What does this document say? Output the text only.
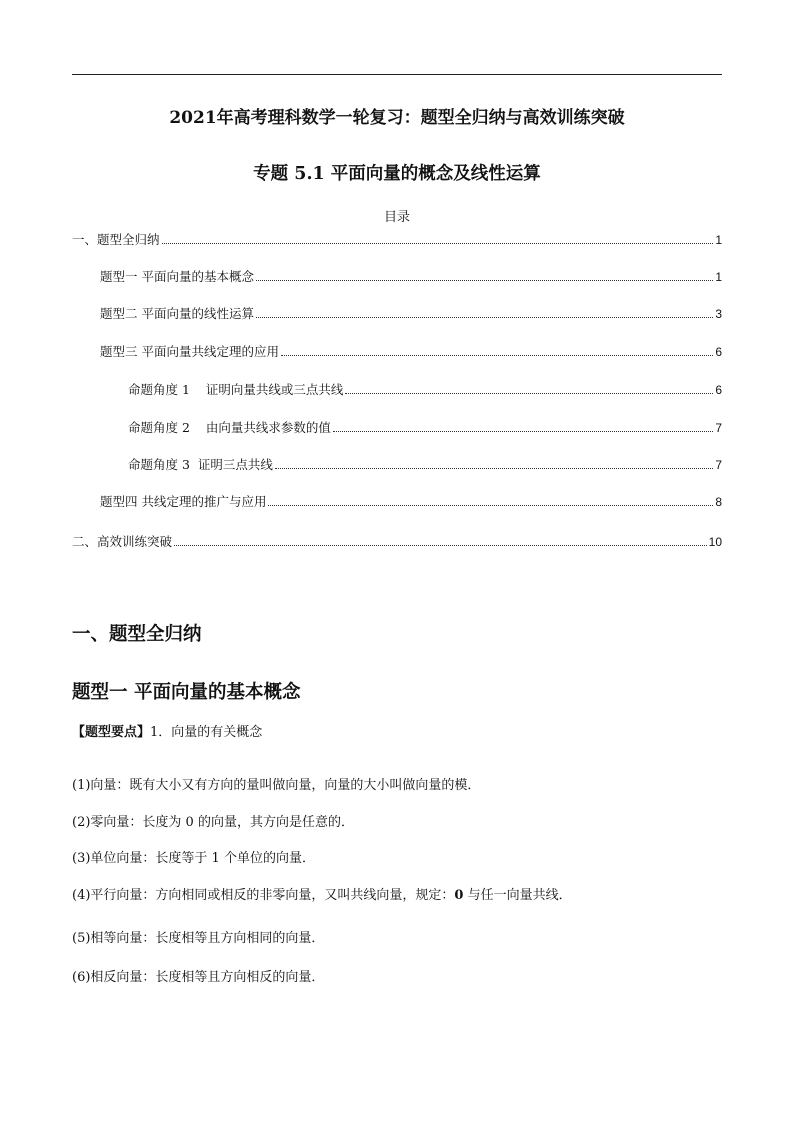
2021年高考理科数学一轮复习：题型全归纳与高效训练突破
专题 5.1 平面向量的概念及线性运算
目录
一、题型全归纳	1
题型一 平面向量的基本概念	1
题型二 平面向量的线性运算	3
题型三 平面向量共线定理的应用	6
命题角度 1    证明向量共线或三点共线	6
命题角度 2    由向量共线求参数的值	7
命题角度 3  证明三点共线	7
题型四 共线定理的推广与应用	8
二、高效训练突破	10
一、题型全归纳
题型一 平面向量的基本概念
【题型要点】1．向量的有关概念
(1)向量：既有大小又有方向的量叫做向量，向量的大小叫做向量的模．
(2)零向量：长度为 0 的向量，其方向是任意的．
(3)单位向量：长度等于 1 个单位的向量．
(4)平行向量：方向相同或相反的非零向量，又叫共线向量，规定：0 与任一向量共线．
(5)相等向量：长度相等且方向相同的向量．
(6)相反向量：长度相等且方向相反的向量．
